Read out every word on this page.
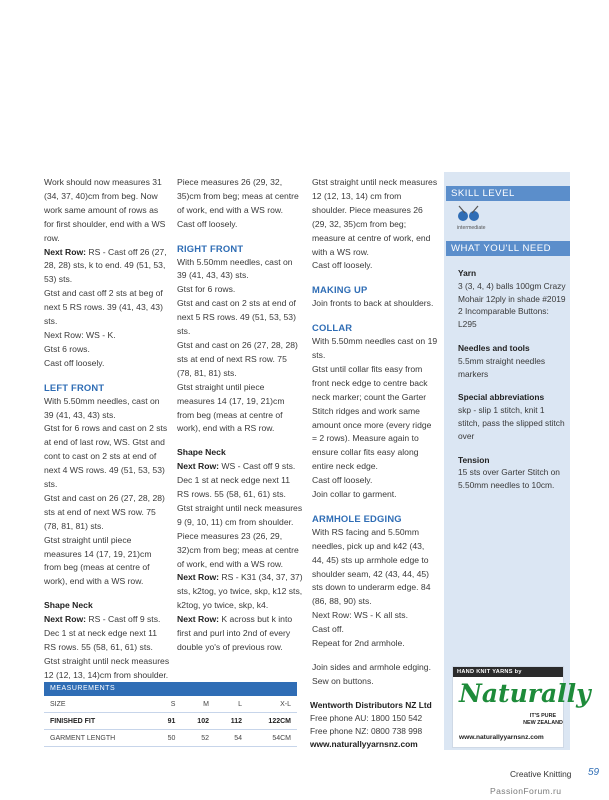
Work should now measures 31 (34, 37, 40)cm from beg. Now work same amount of rows as for first shoulder, end with a WS row.

Next Row: RS - Cast off 26 (27, 28, 28) sts, k to end. 49 (51, 53, 53) sts.

Gtst and cast off 2 sts at beg of next 5 RS rows. 39 (41, 43, 43) sts.

Next Row: WS - K.

Gtst 6 rows.

Cast off loosely.

LEFT FRONT

With 5.50mm needles, cast on 39 (41, 43, 43) sts.

Gtst for 6 rows and cast on 2 sts at end of last row, WS. Gtst and cont to cast on 2 sts at end of next 4 WS rows. 49 (51, 53, 53) sts.

Gtst and cast on 26 (27, 28, 28) sts at end of next WS row. 75 (78, 81, 81) sts.

Gtst straight until piece measures 14 (17, 19, 21)cm from beg (meas at centre of work), end with a WS row.

Shape Neck

Next Row: RS - Cast off 9 sts. Dec 1 st at neck edge next 11 RS rows. 55 (58, 61, 61) sts.

Gtst straight until neck measures 12 (12, 13, 14)cm from shoulder.

Piece measures 26 (29, 32, 35)cm from beg; meas at centre of work, end with a WS row.

Cast off loosely.

RIGHT FRONT

With 5.50mm needles, cast on 39 (41, 43, 43) sts.

Gtst for 6 rows.

Gtst and cast on 2 sts at end of next 5 RS rows. 49 (51, 53, 53) sts.

Gtst and cast on 26 (27, 28, 28) sts at end of next RS row. 75 (78, 81, 81) sts.

Gtst straight until piece measures 14 (17, 19, 21)cm from beg (meas at centre of work), end with a RS row.

Shape Neck

Next Row: WS - Cast off 9 sts. Dec 1 st at neck edge next 11 RS rows. 55 (58, 61, 61) sts.

Gtst straight until neck measures 9 (9, 10, 11) cm from shoulder. Piece measures 23 (26, 29, 32)cm from beg; meas at centre of work, end with a WS row.

Next Row: RS - K31 (34, 37, 37) sts, k2tog, yo twice, skp, k12 sts, k2tog, yo twice, skp, k4.

Next Row: K across but k into first and purl into 2nd of every double yo's of previous row.

Gtst straight until neck measures 12 (12, 13, 14) cm from shoulder. Piece measures 26 (29, 32, 35)cm from beg; measure at centre of work, end with a WS row.

Cast off loosely.

MAKING UP

Join fronts to back at shoulders.

COLLAR

With 5.50mm needles cast on 19 sts.

Gtst until collar fits easy from front neck edge to centre back neck marker; count the Garter Stitch ridges and work same amount once more (every ridge = 2 rows). Measure again to ensure collar fits easy along entire neck edge.

Cast off loosely.

Join collar to garment.

ARMHOLE EDGING

With RS facing and 5.50mm needles, pick up and k42 (43, 44, 45) sts up armhole edge to shoulder seam, 42 (43, 44, 45) sts down to underarm edge. 84 (86, 88, 90) sts.

Next Row: WS - K all sts.

Cast off.

Repeat for 2nd armhole.

Join sides and armhole edging. Sew on buttons.

MEASUREMENTS
SIZE	S	M	L	X-L
FINISHED FIT	91	102	112	122CM
GARMENT LENGTH	50	52	54	54CM
Wentworth Distributors NZ Ltd
Free phone AU: 1800 150 542
Free phone NZ: 0800 738 998
www.naturallyyarnsnz.com
SKILL LEVEL
intermediate
WHAT YOU'LL NEED

Yarn

3 (3, 4, 4) balls 100gm Crazy Mohair 12ply in shade #2019

2 Incomparable Buttons: L295

Needles and tools

5.5mm straight needles markers

Special abbreviations

skp - slip 1 stitch, knit 1 stitch, pass the slipped stitch over

Tension

15 sts over Garter Stitch on 5.50mm needles to 10cm.

HAND KNIT YARNS by
Naturally
IT'S PURE
NEW ZEALAND
www.naturallyyarnsnz.com
Creative Knitting 59
PassionForum.ru
